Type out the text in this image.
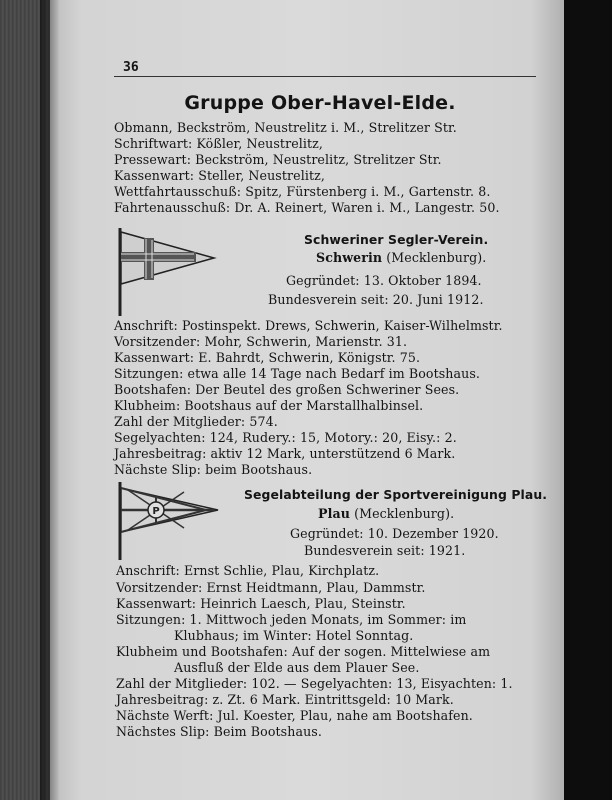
36
Gruppe Ober-Havel-Elde.
Obmann, Beckström, Neustrelitz i. M., Strelitzer Str.
Schriftwart: Kößler, Neustrelitz,
Pressewart: Beckström, Neustrelitz, Strelitzer Str.
Kassenwart: Steller, Neustrelitz,
Wettfahrtausschuß: Spitz, Fürstenberg i. M., Gartenstr. 8.
Fahrtenausschuß: Dr. A. Reinert, Waren i. M., Langestr. 50.
Schweriner Segler-Verein.
Schwerin (Mecklenburg).
Gegründet: 13. Oktober 1894.
Bundesverein seit: 20. Juni 1912.
Anschrift: Postinspekt. Drews, Schwerin, Kaiser-Wilhelmstr.
Vorsitzender: Mohr, Schwerin, Marienstr. 31.
Kassenwart: E. Bahrdt, Schwerin, Königstr. 75.
Sitzungen: etwa alle 14 Tage nach Bedarf im Bootshaus.
Bootshafen: Der Beutel des großen Schweriner Sees.
Klubheim: Bootshaus auf der Marstallhalbinsel.
Zahl der Mitglieder: 574.
Segelyachten: 124, Rudery.: 15, Motory.: 20, Eisy.: 2.
Jahresbeitrag: aktiv 12 Mark, unterstützend 6 Mark.
Nächste Slip: beim Bootshaus.
P
Segelabteilung der Sportvereinigung Plau.
Plau (Mecklenburg).
Gegründet: 10. Dezember 1920.
Bundesverein seit: 1921.
Anschrift: Ernst Schlie, Plau, Kirchplatz.
Vorsitzender: Ernst Heidtmann, Plau, Dammstr.
Kassenwart: Heinrich Laesch, Plau, Steinstr.
Sitzungen: 1. Mittwoch jeden Monats, im Sommer: im
Klubhaus; im Winter: Hotel Sonntag.
Klubheim und Bootshafen: Auf der sogen. Mittelwiese am
Ausfluß der Elde aus dem Plauer See.
Zahl der Mitglieder: 102. — Segelyachten: 13, Eisyachten: 1.
Jahresbeitrag: z. Zt. 6 Mark. Eintrittsgeld: 10 Mark.
Nächste Werft: Jul. Koester, Plau, nahe am Bootshafen.
Nächstes Slip: Beim Bootshaus.
